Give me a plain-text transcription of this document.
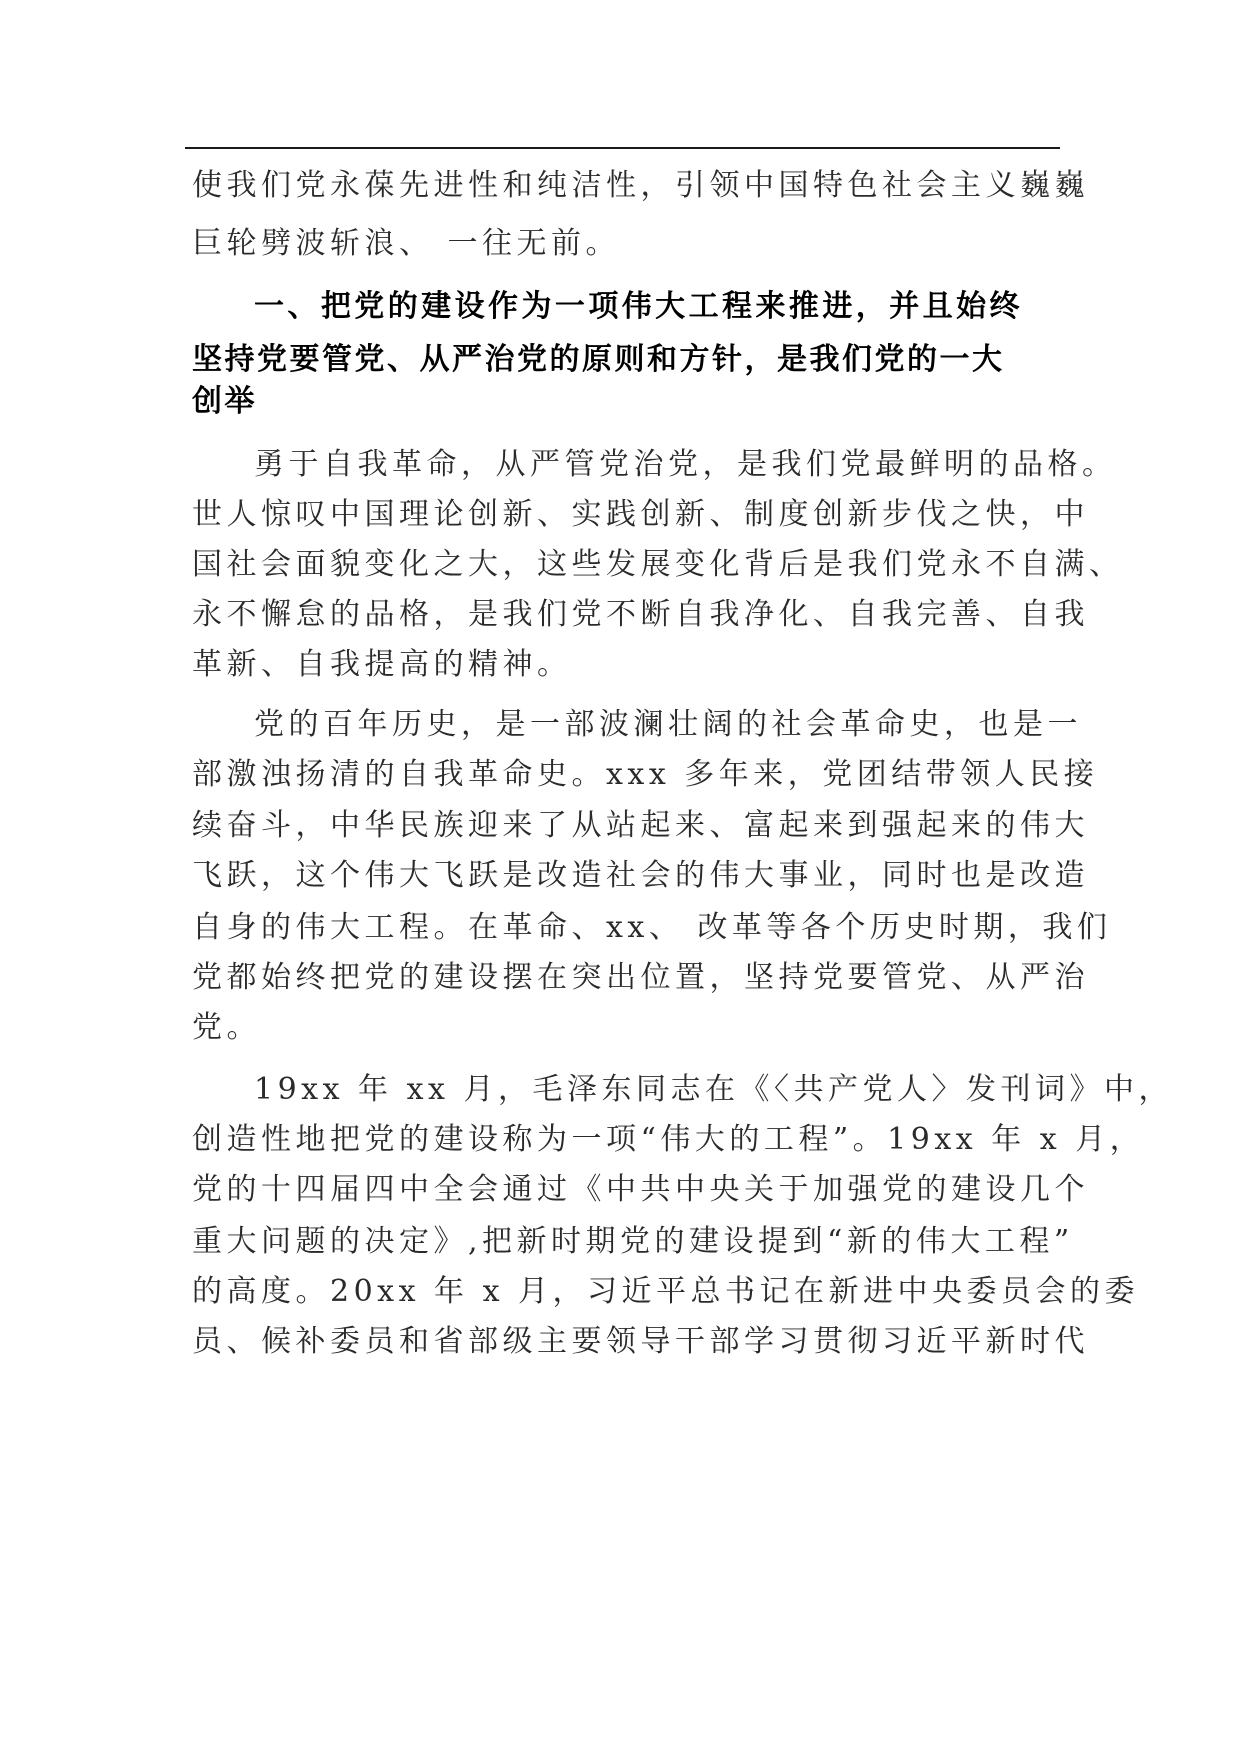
使我们党永葆先进性和纯洁性，引领中国特色社会主义巍巍
巨轮劈波斩浪、 一往无前。
一、把党的建设作为一项伟大工程来推进，并且始终
坚持党要管党、从严治党的原则和方针，是我们党的一大
创举
勇于自我革命，从严管党治党，是我们党最鲜明的品格。
世人惊叹中国理论创新、实践创新、制度创新步伐之快，中
国社会面貌变化之大，这些发展变化背后是我们党永不自满、
永不懈怠的品格，是我们党不断自我净化、自我完善、自我
革新、自我提高的精神。
党的百年历史，是一部波澜壮阔的社会革命史，也是一
部激浊扬清的自我革命史。xxx 多年来，党团结带领人民接
续奋斗，中华民族迎来了从站起来、富起来到强起来的伟大
飞跃，这个伟大飞跃是改造社会的伟大事业，同时也是改造
自身的伟大工程。在革命、xx、 改革等各个历史时期，我们
党都始终把党的建设摆在突出位置，坚持党要管党、从严治
党。
19xx 年 xx 月，毛泽东同志在《〈共产党人〉发刊词》中，
创造性地把党的建设称为一项“伟大的工程”。19xx 年 x 月，
党的十四届四中全会通过《中共中央关于加强党的建设几个
重大问题的决定》,把新时期党的建设提到“新的伟大工程”
的高度。20xx 年 x 月，习近平总书记在新进中央委员会的委
员、候补委员和省部级主要领导干部学习贯彻习近平新时代
